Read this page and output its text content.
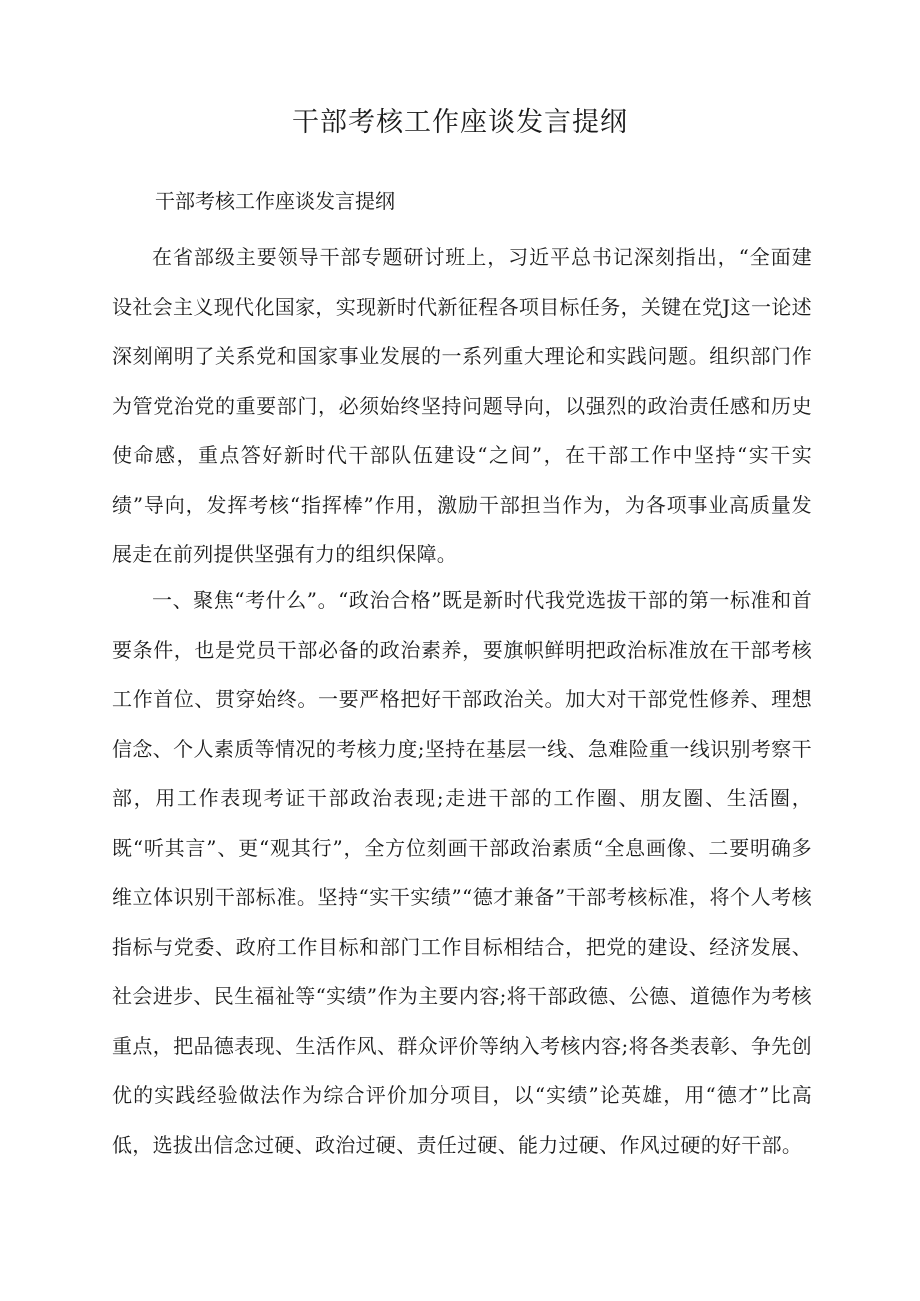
干部考核工作座谈发言提纲

干部考核工作座谈发言提纲

在省部级主要领导干部专题研讨班上，习近平总书记深刻指出，“全面建设社会主义现代化国家，实现新时代新征程各项目标任务，关键在党J这一论述深刻阐明了关系党和国家事业发展的一系列重大理论和实践问题。组织部门作为管党治党的重要部门，必须始终坚持问题导向，以强烈的政治责任感和历史使命感，重点答好新时代干部队伍建设“之间”，在干部工作中坚持“实干实绩”导向，发挥考核“指挥棒”作用，激励干部担当作为，为各项事业高质量发展走在前列提供坚强有力的组织保障。

一、聚焦“考什么”。“政治合格”既是新时代我党选拔干部的第一标准和首要条件，也是党员干部必备的政治素养，要旗帜鲜明把政治标准放在干部考核工作首位、贯穿始终。一要严格把好干部政治关。加大对干部党性修养、理想信念、个人素质等情况的考核力度;坚持在基层一线、急难险重一线识别考察干部，用工作表现考证干部政治表现;走进干部的工作圈、朋友圈、生活圈，既“听其言”、更“观其行”，全方位刻画干部政治素质“全息画像、二要明确多维立体识别干部标准。坚持“实干实绩”“德才兼备”干部考核标准，将个人考核指标与党委、政府工作目标和部门工作目标相结合，把党的建设、经济发展、社会进步、民生福祉等“实绩”作为主要内容;将干部政德、公德、道德作为考核重点，把品德表现、生活作风、群众评价等纳入考核内容;将各类表彰、争先创优的实践经验做法作为综合评价加分项目，以“实绩”论英雄，用“德才”比高低，选拔出信念过硬、政治过硬、责任过硬、能力过硬、作风过硬的好干部。
